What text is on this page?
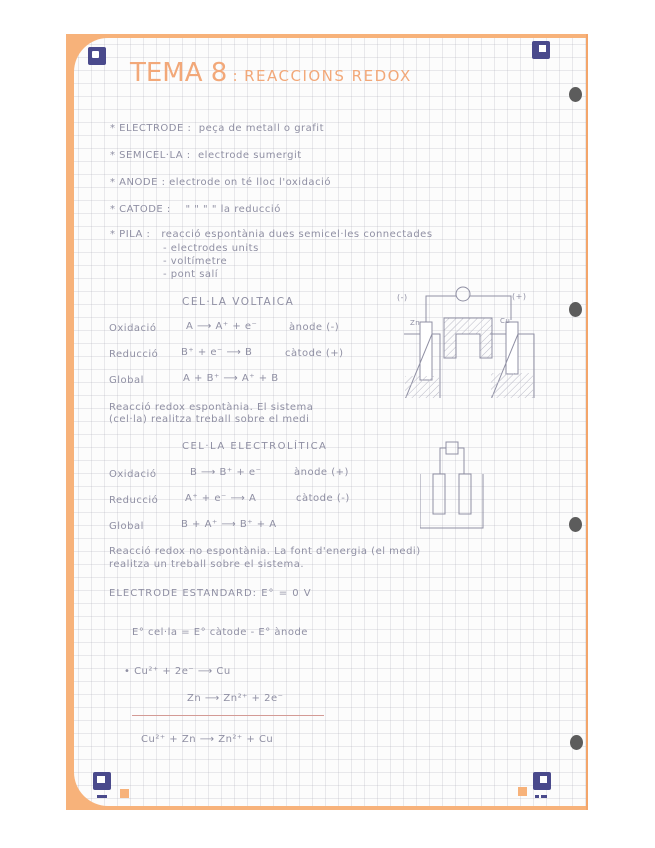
TEMA 8 : REACCIONS REDOX
* ELECTRODE : peça de metall o grafit
* SEMICEL·LA : electrode sumergit
* ANODE : electrode on té lloc l'oxidació
* CATODE : " " " " la reducció
* PILA : reacció espontània dues semicel·les connectades
- electrodes units
- voltímetre
- pont salí
CEL·LA VOLTAICA
Oxidació	A ⟶ A⁺ + e⁻	ànode (-)
Reducció B⁺ + e⁻ ⟶ B	càtode (+)
Global	A + B⁺ ⟶ A⁺ + B
Reacció redox espontània. El sistema
(cel·la) realitza treball sobre el medi
(-)	(+)
Zn	Cu
CEL·LA ELECTROLÍTICA
Oxidació	B ⟶ B⁺ + e⁻	ànode (+)
Reducció	A⁺ + e⁻ ⟶ A	càtode (-)
Global	B + A⁺ ⟶ B⁺ + A
Reacció redox no espontània. La font d'energia (el medi)
realitza un treball sobre el sistema.
ELECTRODE ESTANDARD: E° = 0 V
E° cel·la = E° càtode - E° ànode
• Cu²⁺ + 2e⁻ ⟶ Cu
Zn ⟶ Zn²⁺ + 2e⁻
Cu²⁺ + Zn ⟶ Zn²⁺ + Cu
